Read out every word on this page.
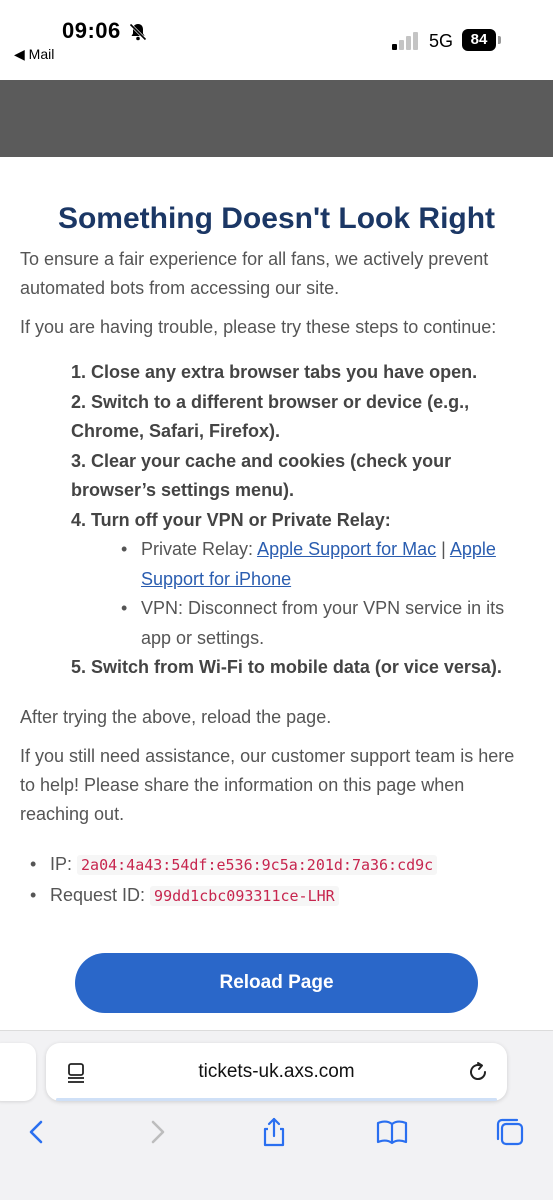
09:06
◀ Mail
5G	84
Something Doesn't Look Right

To ensure a fair experience for all fans, we actively prevent automated bots from accessing our site.

If you are having trouble, please try these steps to continue:

1. Close any extra browser tabs you have open.
2. Switch to a different browser or device (e.g., Chrome, Safari, Firefox).
3. Clear your cache and cookies (check your browser’s settings menu).
4. Turn off your VPN or Private Relay:
• Private Relay: Apple Support for Mac | Apple Support for iPhone
• VPN: Disconnect from your VPN service in its app or settings.
5. Switch from Wi-Fi to mobile data (or vice versa).

After trying the above, reload the page.

If you still need assistance, our customer support team is here to help! Please share the information on this page when reaching out.

• IP: 2a04:4a43:54df:e536:9c5a:201d:7a36:cd9c
• Request ID: 99dd1cbc093311ce-LHR
Reload Page
tickets-uk.axs.com
